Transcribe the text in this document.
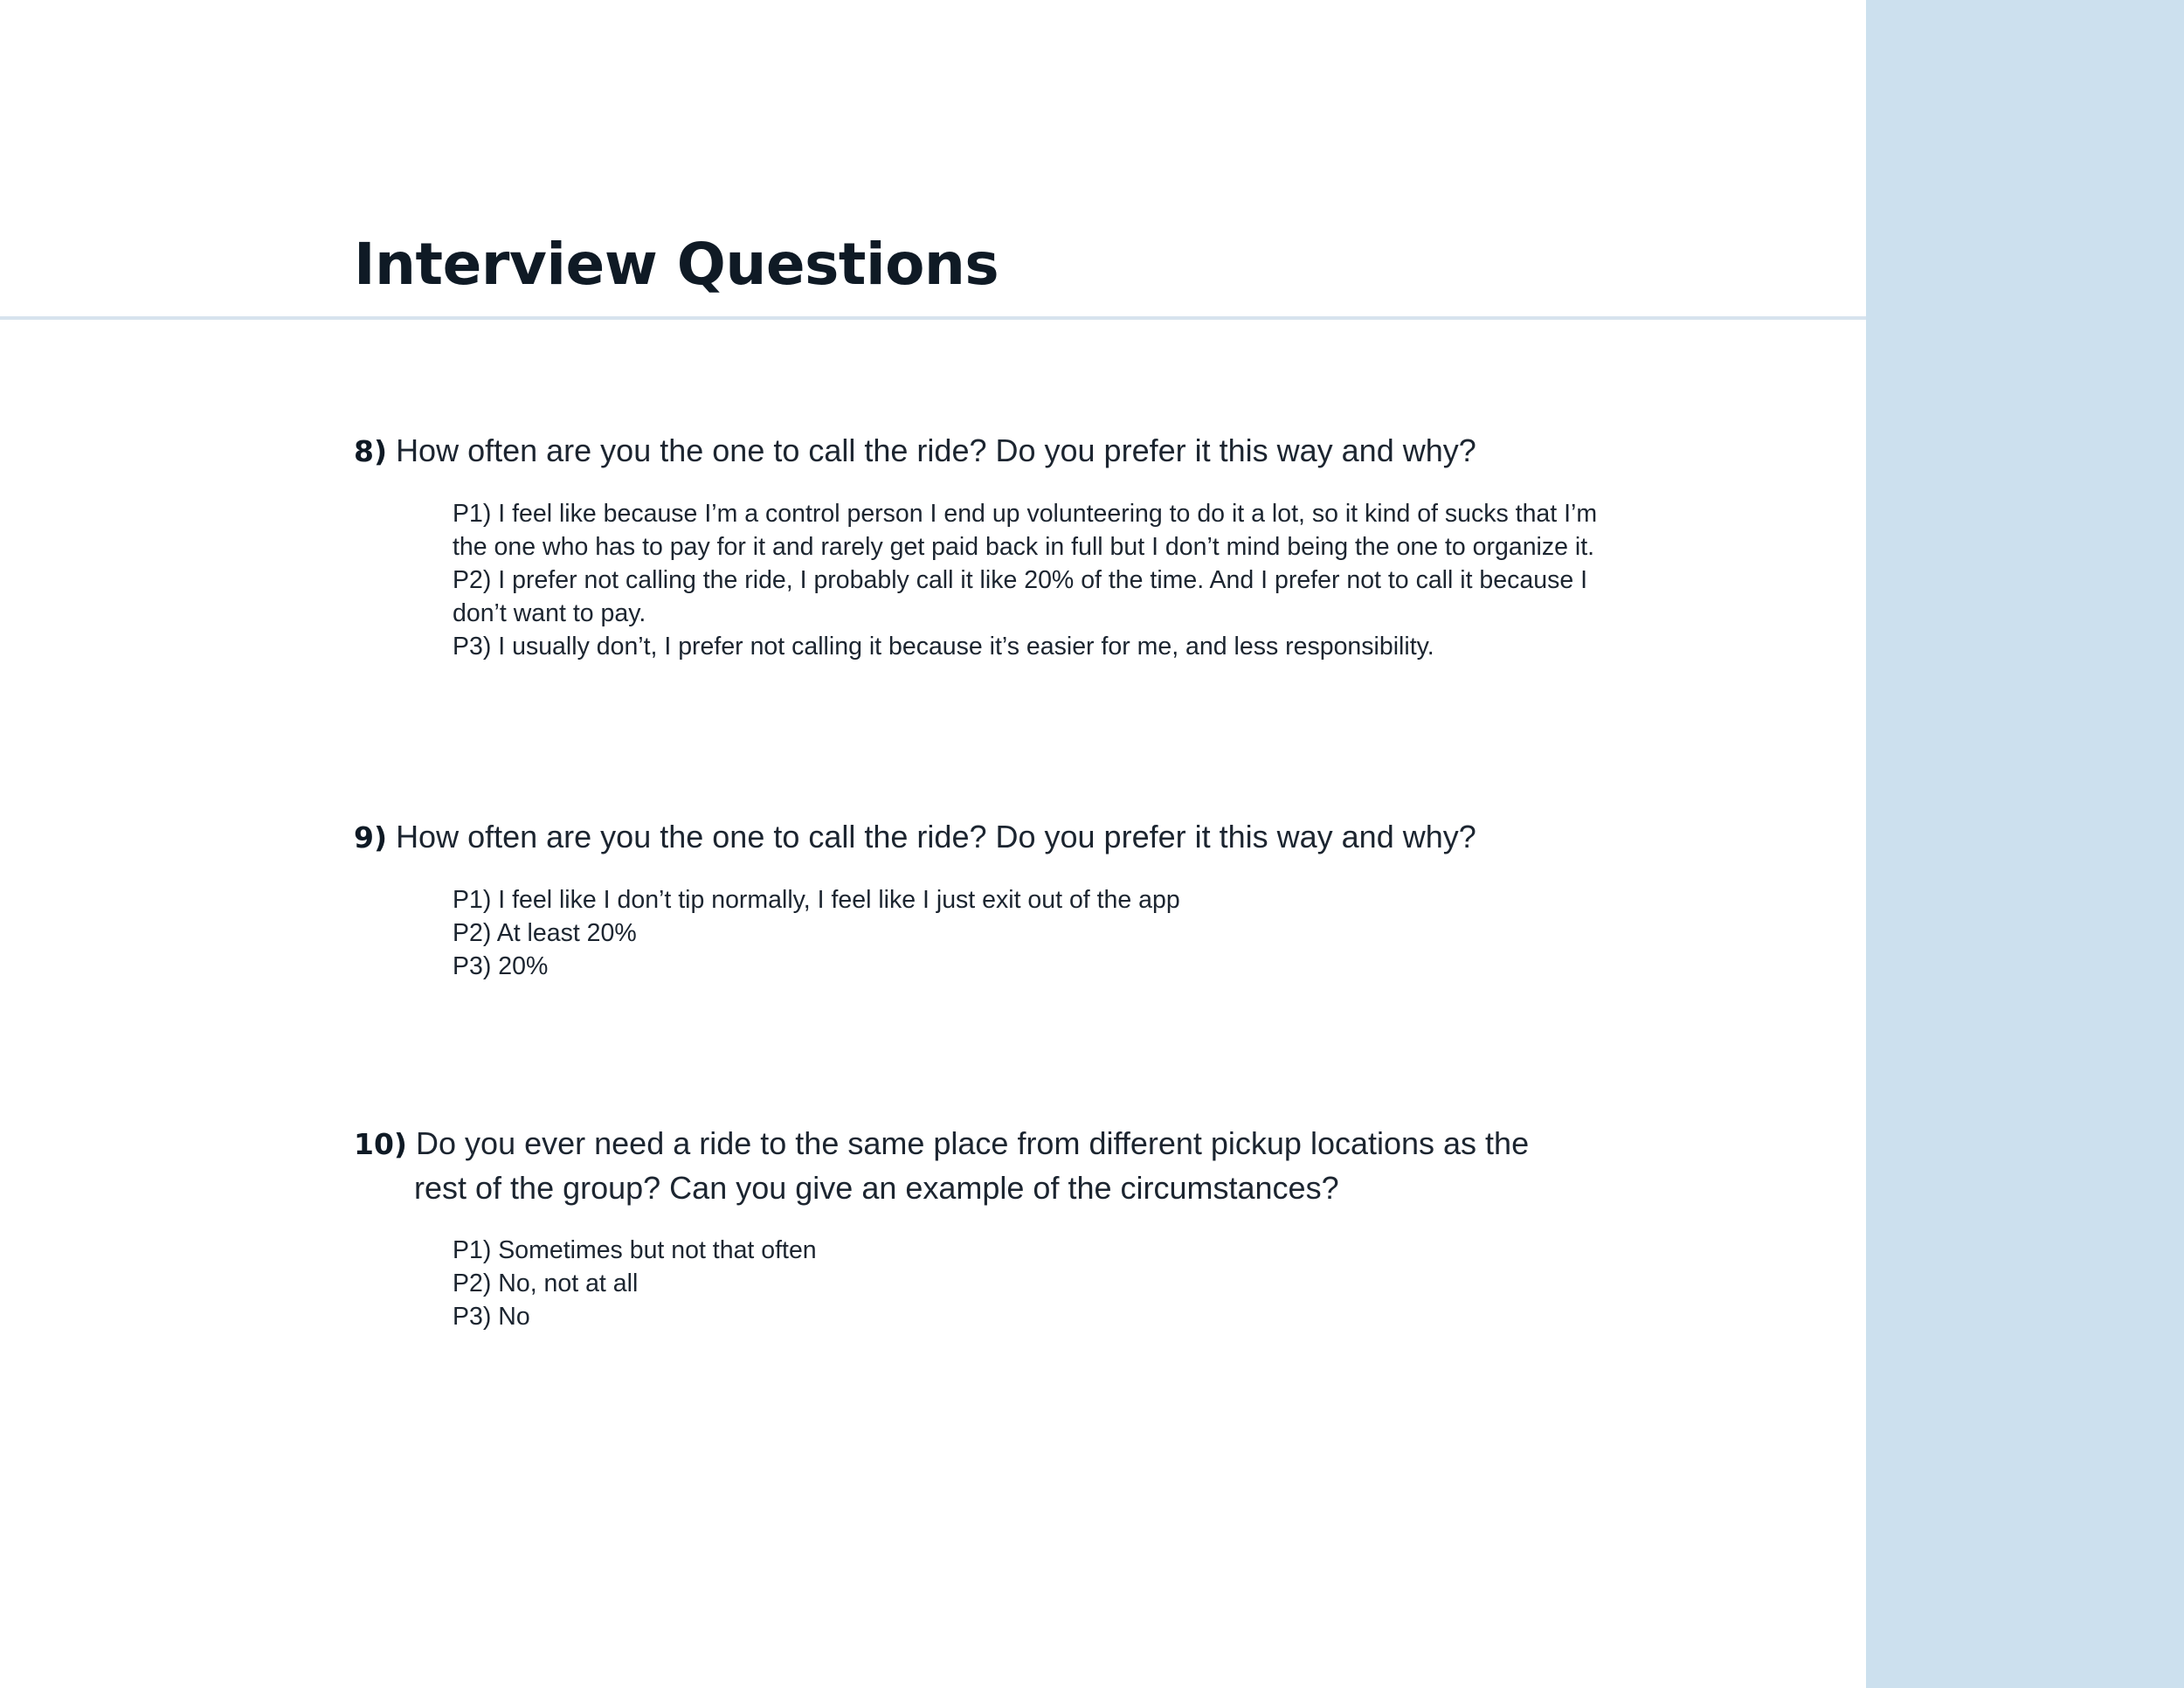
Interview Questions

8) How often are you the one to call the ride? Do you prefer it this way and why?

P1) I feel like because I’m a control person I end up volunteering to do it a lot, so it kind of sucks that I’m the one who has to pay for it and rarely get paid back in full but I don’t mind being the one to organize it.
P2) I prefer not calling the ride, I probably call it like 20% of the time. And I prefer not to call it because I don’t want to pay.
P3) I usually don’t, I prefer not calling it because it’s easier for me, and less responsibility.

9) How often are you the one to call the ride? Do you prefer it this way and why?

P1) I feel like I don’t tip normally, I feel like I just exit out of the app
P2) At least 20%
P3) 20%

10) Do you ever need a ride to the same place from different pickup locations as the
rest of the group? Can you give an example of the circumstances?

P1) Sometimes but not that often
P2) No, not at all
P3) No
